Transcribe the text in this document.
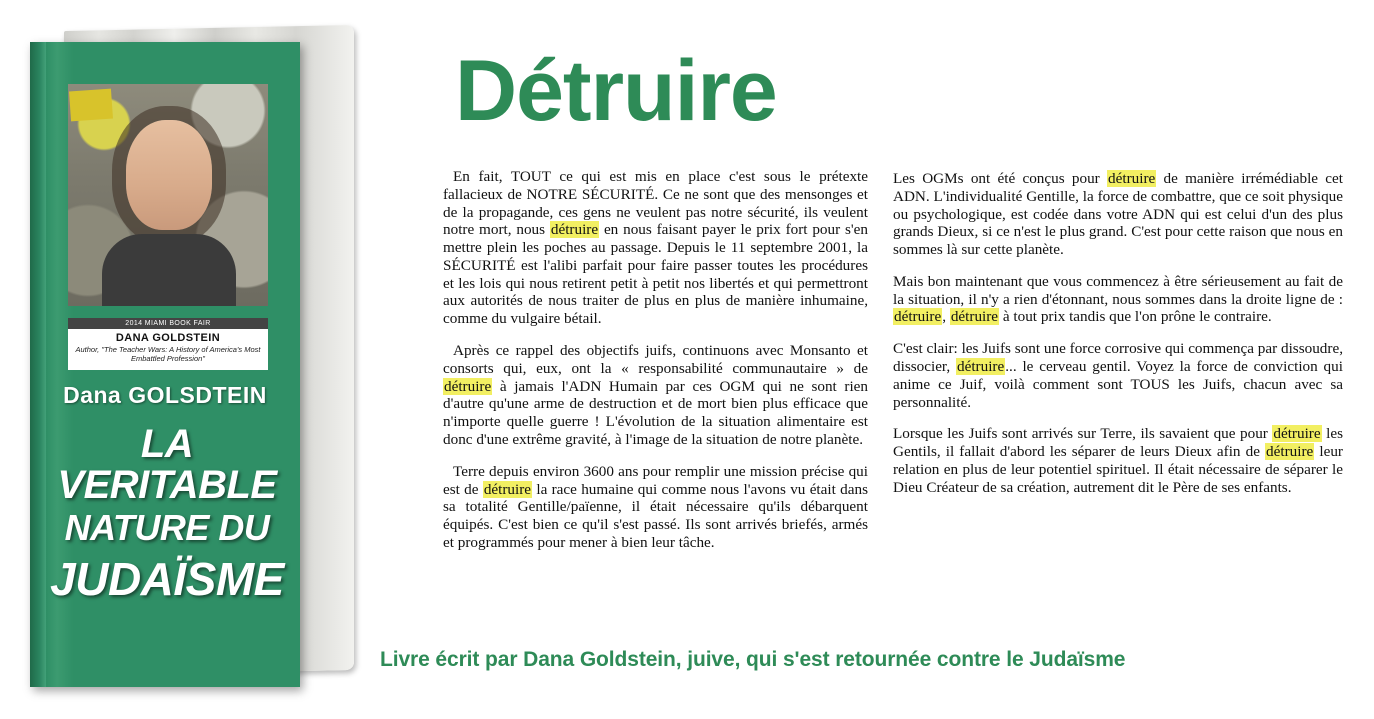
2014 MIAMI BOOK FAIR
DANA GOLDSTEIN
Author, "The Teacher Wars: A History of America's Most Embattled Profession"
Dana GOLSDTEIN
LA VERITABLE
NATURE DU
JUDAÏSME
Détruire
En fait, TOUT ce qui est mis en place c'est sous le prétexte fallacieux de NOTRE SÉCURITÉ. Ce ne sont que des mensonges et de la propagande, ces gens ne veulent pas notre sécurité, ils veulent notre mort, nous détruire en nous faisant payer le prix fort pour s'en mettre plein les poches au passage. Depuis le 11 septembre 2001, la SÉCURITÉ est l'alibi parfait pour faire passer toutes les procédures et les lois qui nous retirent petit à petit nos libertés et qui permettront aux autorités de nous traiter de plus en plus de manière inhumaine, comme du vulgaire bétail.
Après ce rappel des objectifs juifs, continuons avec Monsanto et consorts qui, eux, ont la « responsabilité communautaire » de détruire à jamais l'ADN Humain par ces OGM qui ne sont rien d'autre qu'une arme de destruction et de mort bien plus efficace que n'importe quelle guerre ! L'évolution de la situation alimentaire est donc d'une extrême gravité, à l'image de la situation de notre planète.
Terre depuis environ 3600 ans pour remplir une mission précise qui est de détruire la race humaine qui comme nous l'avons vu était dans sa totalité Gentille/païenne, il était nécessaire qu'ils débarquent équipés. C'est bien ce qu'il s'est passé. Ils sont arrivés briefés, armés et programmés pour mener à bien leur tâche.
Les OGMs ont été conçus pour détruire de manière irrémédiable cet ADN. L'individualité Gentille, la force de combattre, que ce soit physique ou psychologique, est codée dans votre ADN qui est celui d'un des plus grands Dieux, si ce n'est le plus grand. C'est pour cette raison que nous en sommes là sur cette planète.
Mais bon maintenant que vous commencez à être sérieusement au fait de la situation, il n'y a rien d'étonnant, nous sommes dans la droite ligne de : détruire, détruire à tout prix tandis que l'on prône le contraire.
C'est clair: les Juifs sont une force corrosive qui commença par dissoudre, dissocier, détruire... le cerveau gentil. Voyez la force de conviction qui anime ce Juif, voilà comment sont TOUS les Juifs, chacun avec sa personnalité.
Lorsque les Juifs sont arrivés sur Terre, ils savaient que pour détruire les Gentils, il fallait d'abord les séparer de leurs Dieux afin de détruire leur relation en plus de leur potentiel spirituel. Il était nécessaire de séparer le Dieu Créateur de sa création, autrement dit le Père de ses enfants.
Livre écrit par Dana Goldstein, juive, qui s'est retournée contre le Judaïsme
